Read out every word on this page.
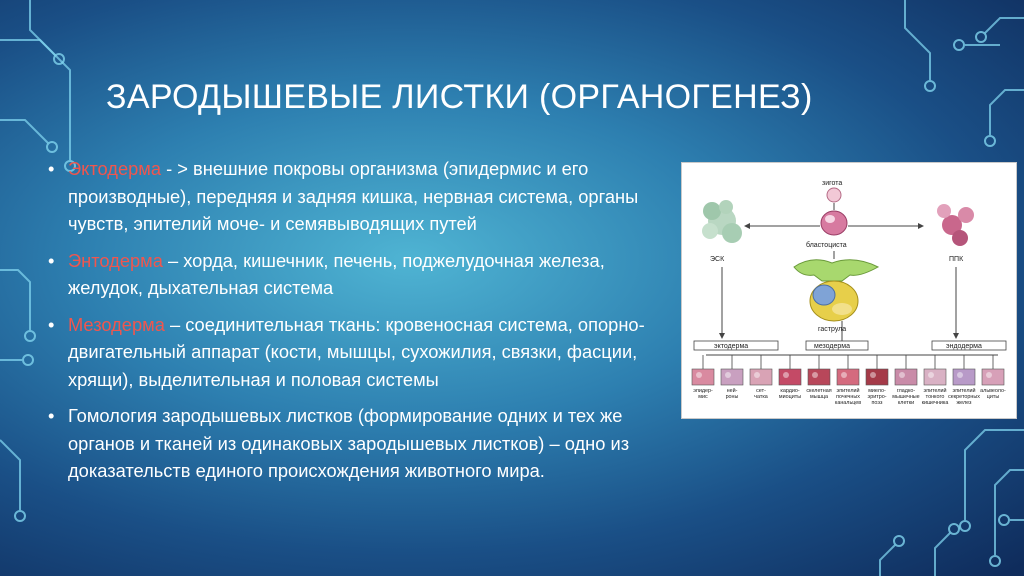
ЗАРОДЫШЕВЫЕ ЛИСТКИ (ОРГАНОГЕНЕЗ)
• Эктодерма - > внешние покровы организма (эпидермис и его производные), передняя и задняя кишка, нервная система, органы чувств, эпителий моче- и семявыводящих путей
• Энтодерма – хорда, кишечник, печень, поджелудочная железа, желудок, дыхательная система
• Мезодерма – соединительная ткань: кровеносная система, опорно-двигательный аппарат (кости, мышцы, сухожилия, связки, фасции, хрящи), выделительная и половая системы
• Гомология зародышевых листков (формирование одних и тех же органов и тканей из одинаковых зародышевых листков) – одно из доказательств единого происхождения животного мира.
зигота
бластоциста
ЭСК	ППК
гаструла
эктодерма	мезодерма	эндодерма
эпидер-
мис
ней-
роны
сет-
чатка
кардио-
миоциты
скелетная
мышца
эпителий
почечных
канальцев
миело-
эритро-
поэз
гладко-
мышечные
клетки
эпителий
тонкого
кишечника
эпителий
секреторных
желез
альвеоло-
циты
